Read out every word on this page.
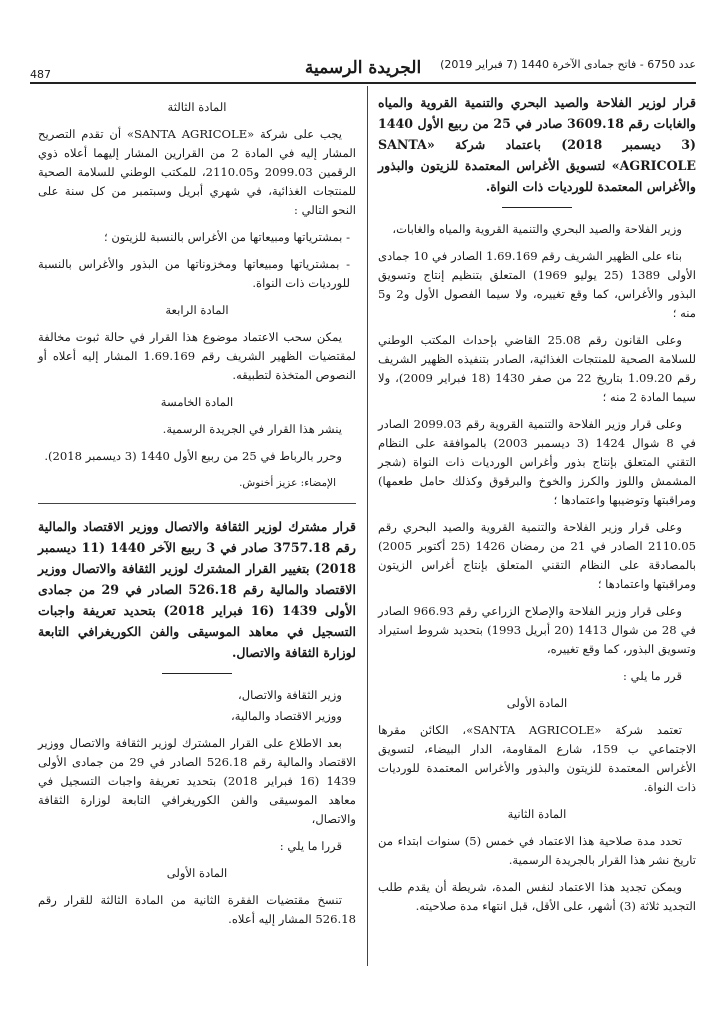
487	الجريدة الرسمية	عدد 6750 - فاتح جمادى الآخرة 1440 (7 فبراير 2019)

قرار لوزير الفلاحة والصيد البحري والتنمية القروية والمياه والغابات رقم 3609.18 صادر في 25 من ربيع الأول 1440 (3 ديسمبر 2018) باعتماد شركة «SANTA AGRICOLE» لتسويق الأغراس المعتمدة للزيتون والبذور والأغراس المعتمدة للورديات ذات النواة.

وزير الفلاحة والصيد البحري والتنمية القروية والمياه والغابات،

بناء على الظهير الشريف رقم 1.69.169 الصادر في 10 جمادى الأولى 1389 (25 يوليو 1969) المتعلق بتنظيم إنتاج وتسويق البذور والأغراس، كما وقع تغييره، ولا سيما الفصول الأول و2 و5 منه ؛

وعلى القانون رقم 25.08 القاضي بإحداث المكتب الوطني للسلامة الصحية للمنتجات الغذائية، الصادر بتنفيذه الظهير الشريف رقم 1.09.20 بتاريخ 22 من صفر 1430 (18 فبراير 2009)، ولا سيما المادة 2 منه ؛

وعلى قرار وزير الفلاحة والتنمية القروية رقم 2099.03 الصادر في 8 شوال 1424 (3 ديسمبر 2003) بالموافقة على النظام التقني المتعلق بإنتاج بذور وأغراس الورديات ذات النواة (شجر المشمش واللوز والكرز والخوخ والبرقوق وكذلك حامل طعمها) ومراقبتها وتوضيبها واعتمادها ؛

وعلى قرار وزير الفلاحة والتنمية القروية والصيد البحري رقم 2110.05 الصادر في 21 من رمضان 1426 (25 أكتوبر 2005) بالمصادقة على النظام التقني المتعلق بإنتاج أغراس الزيتون ومراقبتها واعتمادها ؛

وعلى قرار وزير الفلاحة والإصلاح الزراعي رقم 966.93 الصادر في 28 من شوال 1413 (20 أبريل 1993) بتحديد شروط استيراد وتسويق البذور، كما وقع تغييره،

قرر ما يلي :

المادة الأولى

تعتمد شركة «SANTA AGRICOLE»، الكائن مقرها الاجتماعي ب 159، شارع المقاومة، الدار البيضاء، لتسويق الأغراس المعتمدة للزيتون والبذور والأغراس المعتمدة للورديات ذات النواة.

المادة الثانية

تحدد مدة صلاحية هذا الاعتماد في خمس (5) سنوات ابتداء من تاريخ نشر هذا القرار بالجريدة الرسمية.

ويمكن تجديد هذا الاعتماد لنفس المدة، شريطة أن يقدم طلب التجديد ثلاثة (3) أشهر، على الأقل، قبل انتهاء مدة صلاحيته.

المادة الثالثة

يجب على شركة «SANTA AGRICOLE» أن تقدم التصريح المشار إليه في المادة 2 من القرارين المشار إليهما أعلاه ذوي الرقمين 2099.03 و2110.05، للمكتب الوطني للسلامة الصحية للمنتجات الغذائية، في شهري أبريل وسبتمبر من كل سنة على النحو التالي :

- بمشترياتها ومبيعاتها من الأغراس بالنسبة للزيتون ؛

- بمشترياتها ومبيعاتها ومخزوناتها من البذور والأغراس بالنسبة للورديات ذات النواة.

المادة الرابعة

يمكن سحب الاعتماد موضوع هذا القرار في حالة ثبوت مخالفة لمقتضيات الظهير الشريف رقم 1.69.169 المشار إليه أعلاه أو النصوص المتخذة لتطبيقه.

المادة الخامسة

ينشر هذا القرار في الجريدة الرسمية.

وحرر بالرباط في 25 من ربيع الأول 1440 (3 ديسمبر 2018).

الإمضاء: عزيز أخنوش.

قرار مشترك لوزير الثقافة والاتصال ووزير الاقتصاد والمالية رقم 3757.18 صادر في 3 ربيع الآخر 1440 (11 ديسمبر 2018) بتغيير القرار المشترك لوزير الثقافة والاتصال ووزير الاقتصاد والمالية رقم 526.18 الصادر في 29 من جمادى الأولى 1439 (16 فبراير 2018) بتحديد تعريفة واجبات التسجيل في معاهد الموسيقى والفن الكوريغرافي التابعة لوزارة الثقافة والاتصال.

وزير الثقافة والاتصال،

ووزير الاقتصاد والمالية،

بعد الاطلاع على القرار المشترك لوزير الثقافة والاتصال ووزير الاقتصاد والمالية رقم 526.18 الصادر في 29 من جمادى الأولى 1439 (16 فبراير 2018) بتحديد تعريفة واجبات التسجيل في معاهد الموسيقى والفن الكوريغرافي التابعة لوزارة الثقافة والاتصال،

قررا ما يلي :

المادة الأولى

تنسخ مقتضيات الفقرة الثانية من المادة الثالثة للقرار رقم 526.18 المشار إليه أعلاه.
